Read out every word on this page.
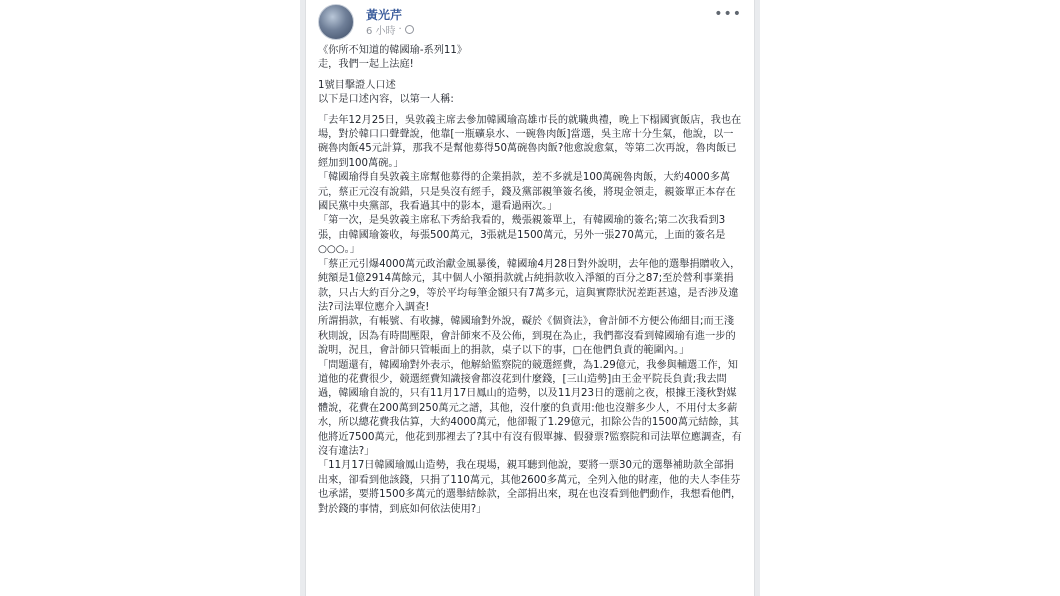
黃光芹
6 小時 ·
•••

《你所不知道的韓國瑜-系列11》

走，我們一起上法庭!

1號目擊證人口述

以下是口述內容，以第一人稱:

「去年12月25日，吳敦義主席去參加韓國瑜高雄市長的就職典禮，晚上下榻國賓飯店，我也在場，對於韓口口聲聲說，他靠[一瓶礦泉水、一碗魯肉飯]當選，吳主席十分生氣，他說，以一碗魯肉飯45元計算，那我不是幫他募得50萬碗魯肉飯?他愈說愈氣，等第二次再說，魯肉飯已經加到100萬碗。」

「韓國瑜得自吳敦義主席幫他募得的企業捐款，差不多就是100萬碗魯肉飯，大約4000多萬元，蔡正元沒有說錯，只是吳沒有經手，錢及黨部親筆簽名後，將現金領走，親簽單正本存在國民黨中央黨部，我看過其中的影本，還看過兩次。」

「第一次，是吳敦義主席私下秀給我看的，幾張親簽單上，有韓國瑜的簽名;第二次我看到3張，由韓國瑜簽收，每張500萬元，3張就是1500萬元，另外一張270萬元，上面的簽名是○○○。」

「蔡正元引爆4000萬元政治獻金風暴後，韓國瑜4月28日對外說明，去年他的選舉捐贈收入，純額是1億2914萬餘元，其中個人小額捐款就占純捐款收入淨額的百分之87;至於營利事業捐款，只占大約百分之9，等於平均每筆金額只有7萬多元，這與實際狀況差距甚遠，是否涉及違法?司法單位應介入調查!

所謂捐款，有帳號、有收據，韓國瑜對外說，礙於《個資法》，會計師不方便公佈細目;而王淺秋則說，因為有時間壓限，會計師來不及公佈，到現在為止，我們都沒看到韓國瑜有進一步的說明，況且，會計師只管帳面上的捐款，桌子以下的事，□在他們負責的範圍內。」

「問題還有，韓國瑜對外表示，他解給監察院的競選經費，為1.29億元，我參與輔選工作，知道他的花費很少，競選經費知識接會都沒花到什麼錢，[三山造勢]由王金平院長負責;我去問過，韓國瑜自說的，只有11月17日鳳山的造勢，以及11月23日的選前之夜，根據王淺秋對媒體說，花費在200萬到250萬元之譜，其他，沒什麼的負責用:他也沒辦多少人，不用付太多薪水，所以總花費我估算，大約4000萬元，他卻報了1.29億元，扣除公告的1500萬元結餘，其他將近7500萬元，他花到那裡去了?其中有沒有假單據、假發票?監察院和司法單位應調查，有沒有違法?」

「11月17日韓國瑜鳳山造勢，我在現場，親耳聽到他說，要將一票30元的選舉補助款全部捐出來，卻看到他該錢，只捐了110萬元，其他2600多萬元，全列入他的財產，他的夫人李佳芬也承諾，要將1500多萬元的選舉結餘款，全部捐出來，現在也沒看到他們動作，我想看他們，對於錢的事情，到底如何依法使用?」
